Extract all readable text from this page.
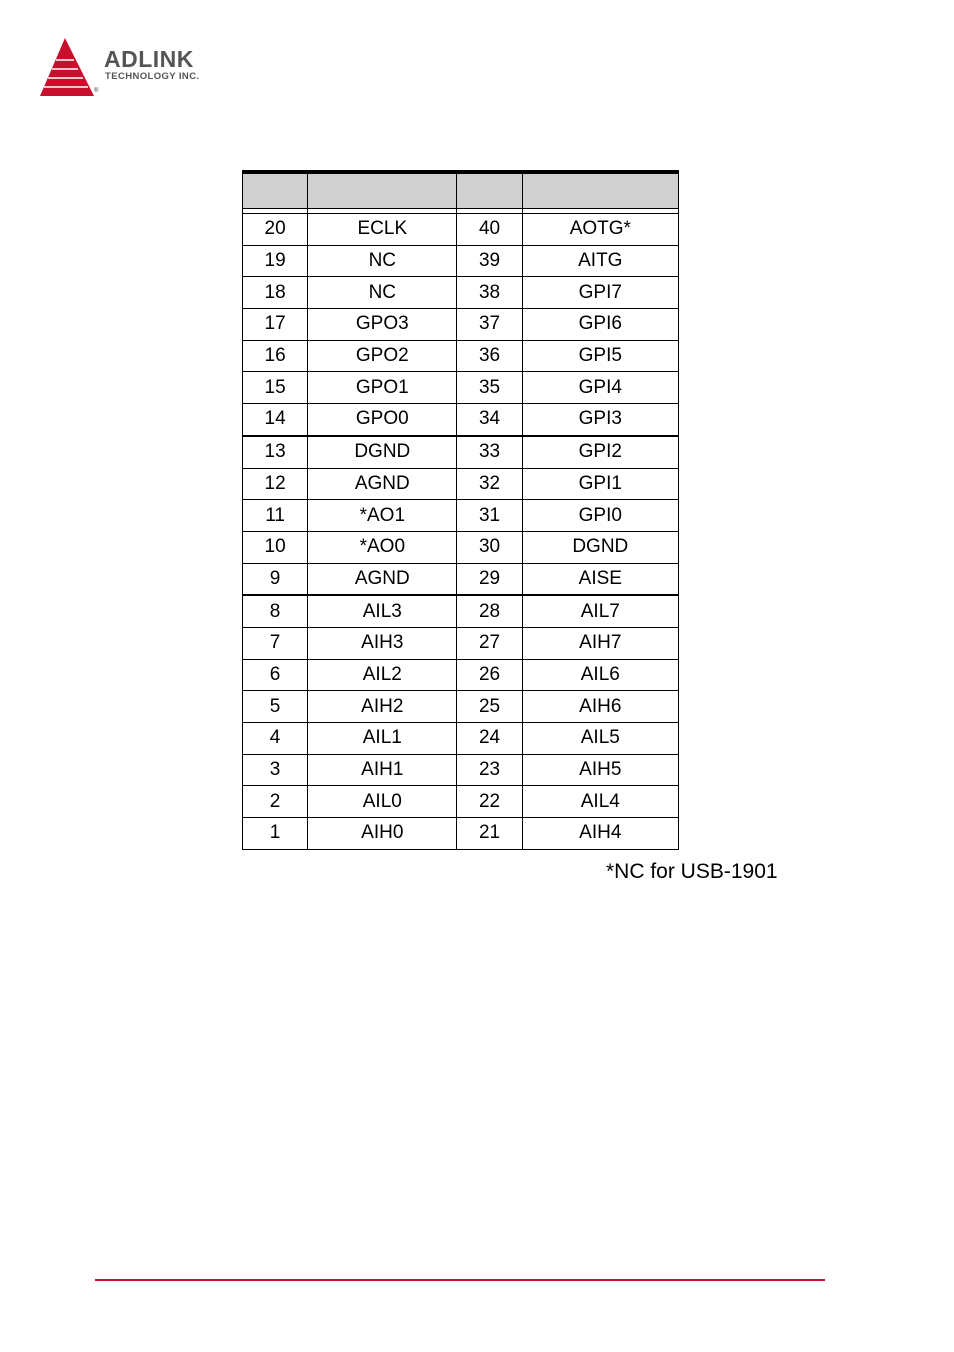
ADLINK
TECHNOLOGY INC.
®

20	ECLK	40	AOTG*
19	NC	39	AITG
18	NC	38	GPI7
17	GPO3	37	GPI6
16	GPO2	36	GPI5
15	GPO1	35	GPI4
14	GPO0	34	GPI3
13	DGND	33	GPI2
12	AGND	32	GPI1
11	*AO1	31	GPI0
10	*AO0	30	DGND
9	AGND	29	AISE
8	AIL3	28	AIL7
7	AIH3	27	AIH7
6	AIL2	26	AIL6
5	AIH2	25	AIH6
4	AIL1	24	AIL5
3	AIH1	23	AIH5
2	AIL0	22	AIL4
1	AIH0	21	AIH4
*NC for USB-1901
